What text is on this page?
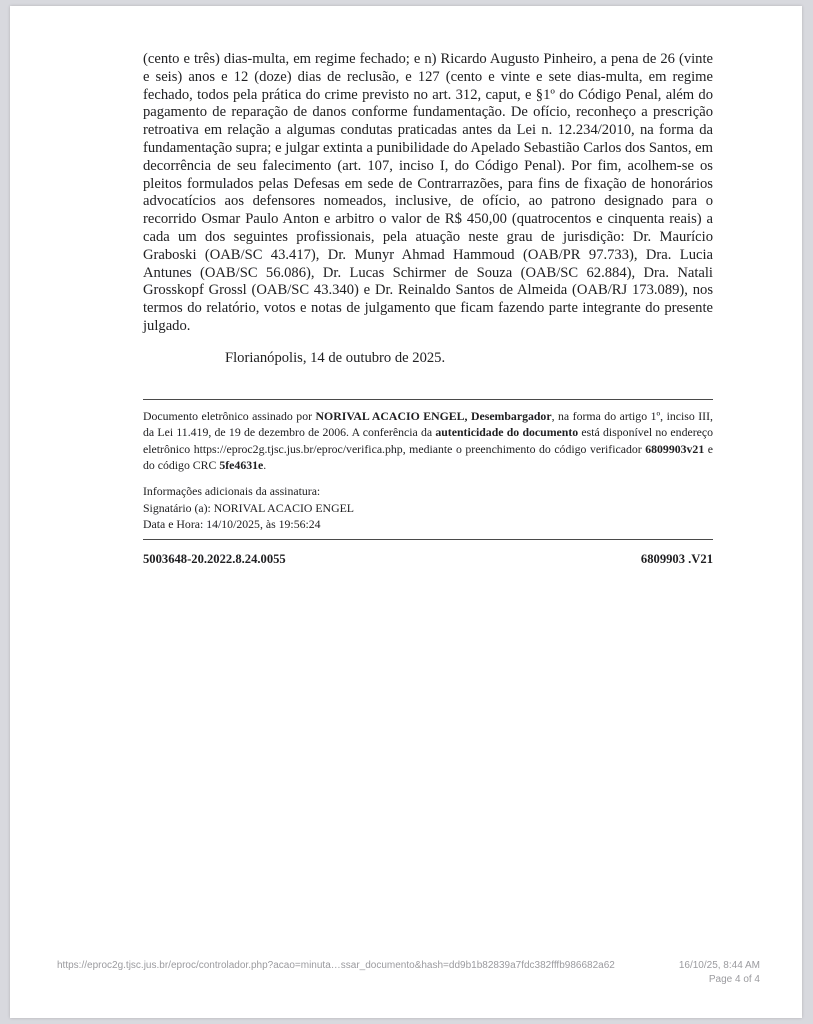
(cento e três) dias-multa, em regime fechado; e n) Ricardo Augusto Pinheiro, a pena de 26 (vinte e seis) anos e 12 (doze) dias de reclusão, e 127 (cento e vinte e sete dias-multa, em regime fechado, todos pela prática do crime previsto no art. 312, caput, e §1º do Código Penal, além do pagamento de reparação de danos conforme fundamentação. De ofício, reconheço a prescrição retroativa em relação a algumas condutas praticadas antes da Lei n. 12.234/2010, na forma da fundamentação supra; e julgar extinta a punibilidade do Apelado Sebastião Carlos dos Santos, em decorrência de seu falecimento (art. 107, inciso I, do Código Penal). Por fim, acolhem-se os pleitos formulados pelas Defesas em sede de Contrarrazões, para fins de fixação de honorários advocatícios aos defensores nomeados, inclusive, de ofício, ao patrono designado para o recorrido Osmar Paulo Anton e arbitro o valor de R$ 450,00 (quatrocentos e cinquenta reais) a cada um dos seguintes profissionais, pela atuação neste grau de jurisdição: Dr. Maurício Graboski (OAB/SC 43.417), Dr. Munyr Ahmad Hammoud (OAB/PR 97.733), Dra. Lucia Antunes (OAB/SC 56.086), Dr. Lucas Schirmer de Souza (OAB/SC 62.884), Dra. Natali Grosskopf Grossl (OAB/SC 43.340) e Dr. Reinaldo Santos de Almeida (OAB/RJ 173.089), nos termos do relatório, votos e notas de julgamento que ficam fazendo parte integrante do presente julgado.

Florianópolis, 14 de outubro de 2025.

Documento eletrônico assinado por NORIVAL ACACIO ENGEL, Desembargador, na forma do artigo 1º, inciso III, da Lei 11.419, de 19 de dezembro de 2006. A conferência da autenticidade do documento está disponível no endereço eletrônico https://eproc2g.tjsc.jus.br/eproc/verifica.php, mediante o preenchimento do código verificador 6809903v21 e do código CRC 5fe4631e.

Informações adicionais da assinatura:
Signatário (a): NORIVAL ACACIO ENGEL
Data e Hora: 14/10/2025, às 19:56:24
5003648-20.2022.8.24.0055	6809903 .V21
https://eproc2g.tjsc.jus.br/eproc/controlador.php?acao=minuta…ssar_documento&hash=dd9b1b82839a7fdc382fffb986682a62	16/10/25, 8:44 AM
Page 4 of 4
